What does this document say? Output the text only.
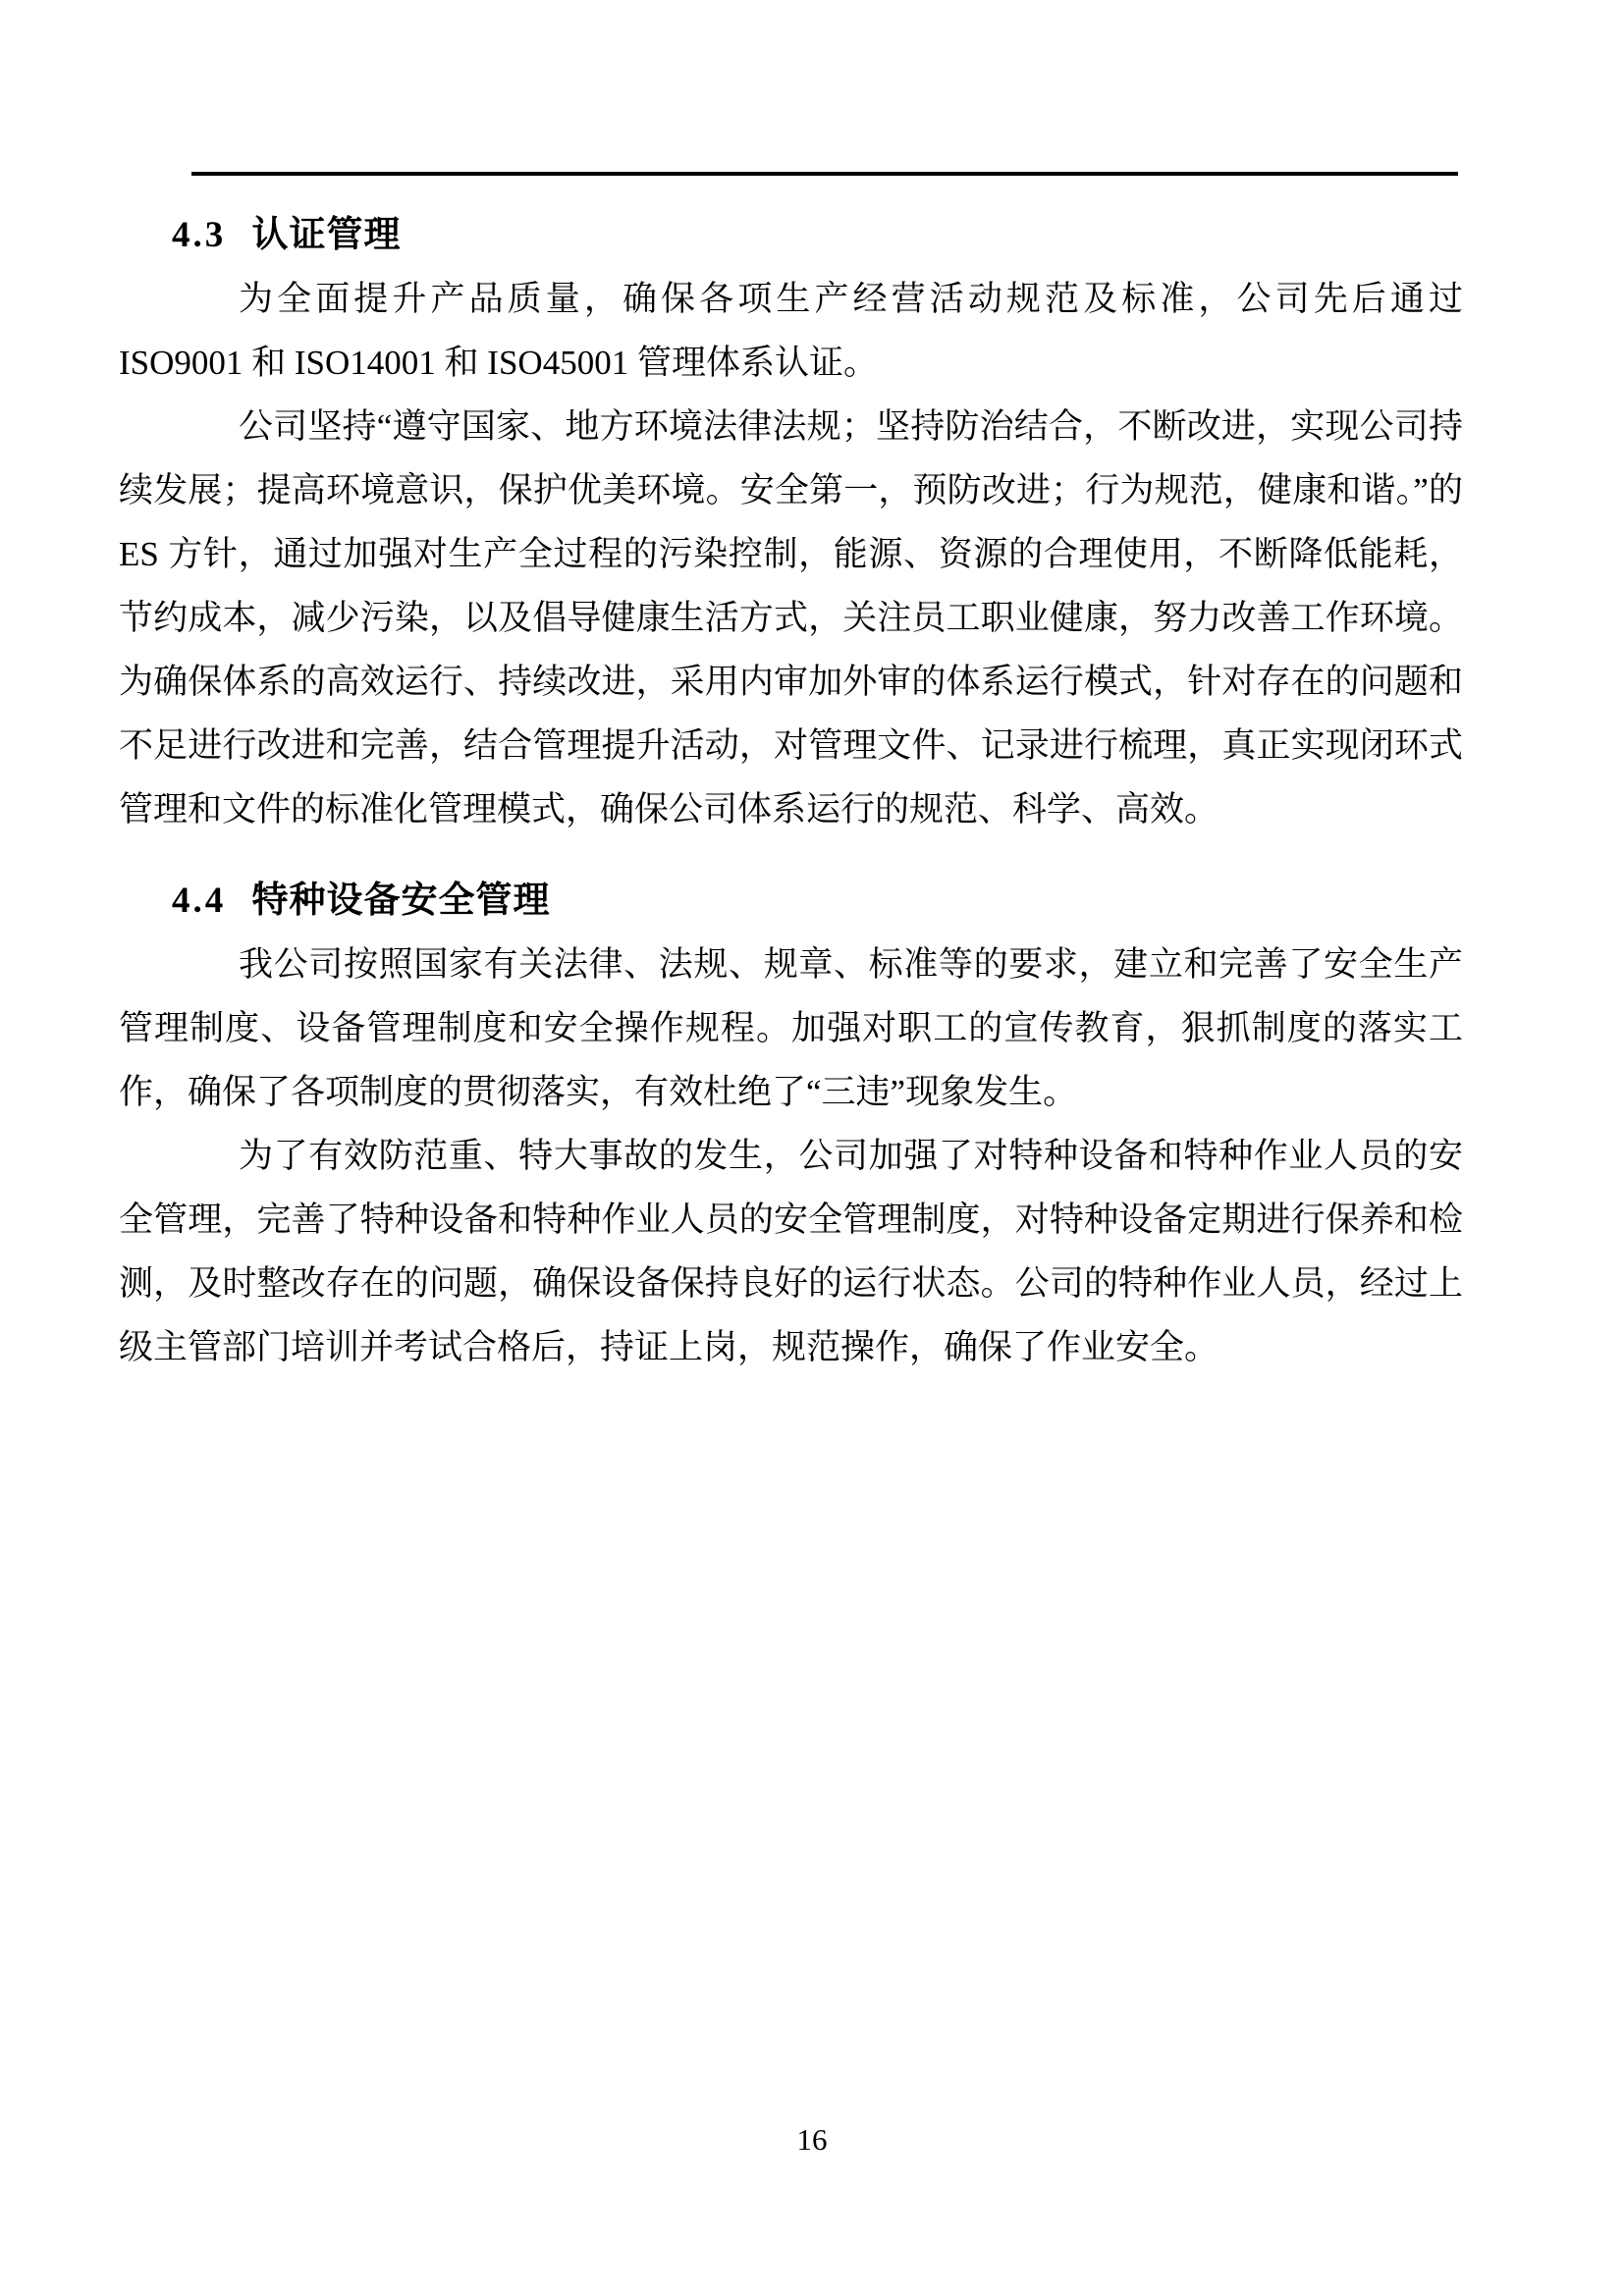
4.3 认证管理

为全面提升产品质量，确保各项生产经营活动规范及标准，公司先后通过 ISO9001 和 ISO14001 和 ISO45001 管理体系认证。

公司坚持“遵守国家、地方环境法律法规；坚持防治结合，不断改进，实现公司持续发展；提高环境意识，保护优美环境。安全第一，预防改进；行为规范，健康和谐。”的 ES 方针，通过加强对生产全过程的污染控制，能源、资源的合理使用，不断降低能耗，节约成本，减少污染，以及倡导健康生活方式，关注员工职业健康，努力改善工作环境。为确保体系的高效运行、持续改进，采用内审加外审的体系运行模式，针对存在的问题和不足进行改进和完善，结合管理提升活动，对管理文件、记录进行梳理，真正实现闭环式管理和文件的标准化管理模式，确保公司体系运行的规范、科学、高效。

4.4 特种设备安全管理

我公司按照国家有关法律、法规、规章、标准等的要求，建立和完善了安全生产管理制度、设备管理制度和安全操作规程。加强对职工的宣传教育，狠抓制度的落实工作，确保了各项制度的贯彻落实，有效杜绝了“三违”现象发生。

为了有效防范重、特大事故的发生，公司加强了对特种设备和特种作业人员的安全管理，完善了特种设备和特种作业人员的安全管理制度，对特种设备定期进行保养和检测，及时整改存在的问题，确保设备保持良好的运行状态。公司的特种作业人员，经过上级主管部门培训并考试合格后，持证上岗，规范操作，确保了作业安全。

16
